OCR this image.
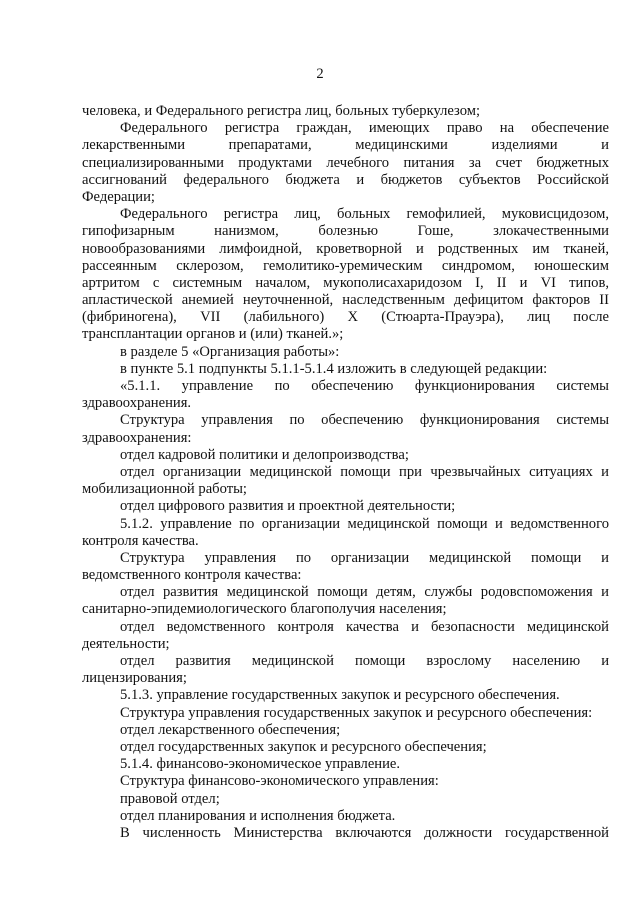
2
человека, и Федерального регистра лиц, больных туберкулезом;
Федерального регистра граждан, имеющих право на обеспечение
лекарственными препаратами, медицинскими изделиями и
специализированными продуктами лечебного питания за счет бюджетных
ассигнований федерального бюджета и бюджетов субъектов Российской
Федерации;
Федерального регистра лиц, больных гемофилией, муковисцидозом,
гипофизарным нанизмом, болезнью Гоше, злокачественными
новообразованиями лимфоидной, кроветворной и родственных им тканей,
рассеянным склерозом, гемолитико-уремическим синдромом, юношеским
артритом с системным началом, мукополисахаридозом I, II и VI типов,
апластической анемией неуточненной, наследственным дефицитом факторов II
(фибриногена), VII (лабильного) X (Стюарта-Прауэра), лиц после
трансплантации органов и (или) тканей.»;
в разделе 5 «Организация работы»:
в пункте 5.1 подпункты 5.1.1-5.1.4 изложить в следующей редакции:
«5.1.1. управление по обеспечению функционирования системы
здравоохранения.
Структура управления по обеспечению функционирования системы
здравоохранения:
отдел кадровой политики и делопроизводства;
отдел организации медицинской помощи при чрезвычайных ситуациях и
мобилизационной работы;
отдел цифрового развития и проектной деятельности;
5.1.2. управление по организации медицинской помощи и ведомственного
контроля качества.
Структура управления по организации медицинской помощи и
ведомственного контроля качества:
отдел развития медицинской помощи детям, службы родовспоможения и
санитарно-эпидемиологического благополучия населения;
отдел ведомственного контроля качества и безопасности медицинской
деятельности;
отдел развития медицинской помощи взрослому населению и
лицензирования;
5.1.3. управление государственных закупок и ресурсного обеспечения.
Структура управления государственных закупок и ресурсного обеспечения:
отдел лекарственного обеспечения;
отдел государственных закупок и ресурсного обеспечения;
5.1.4. финансово-экономическое управление.
Структура финансово-экономического управления:
правовой отдел;
отдел планирования и исполнения бюджета.
В численность Министерства включаются должности государственной
